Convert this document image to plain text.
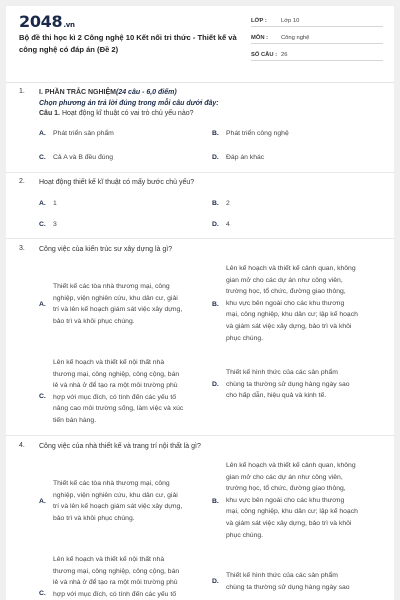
2048.vn
Bộ đề thi học kì 2 Công nghệ 10 Kết nối tri thức - Thiết kế và công nghệ có đáp án (Đề 2)
LỚP :	Lớp 10
MÔN :	Công nghệ
SỐ CÂU : 26
1. I. PHẦN TRẮC NGHIỆM(24 câu - 6,0 điểm)
Chọn phương án trả lời đúng trong mỗi câu dưới đây:
Câu 1. Hoạt động kĩ thuật có vai trò chủ yếu nào?
A. Phát triển sản phẩm	B. Phát triển công nghệ
C. Cả A và B đều đúng	D. Đáp án khác
2. Hoạt động thiết kế kĩ thuật có mấy bước chủ yếu?
A. 1	B. 2
C. 3	D. 4
3. Công việc của kiến trúc sư xây dựng là gì?
A.
Thiết kế các tòa nhà thương mại, công
nghiệp, viện nghiên cứu, khu dân cư, giải
trí và lên kế hoạch giám sát việc xây dựng,
bảo trì và khôi phục chúng.
B.
Lên kế hoạch và thiết kế cảnh quan, không
gian mở cho các dự án như công viên,
trường học, tổ chức, đường giao thông,
khu vực bên ngoài cho các khu thương
mại, công nghiệp, khu dân cư; lập kế hoạch
và giám sát việc xây dựng, bảo trì và khôi
phục chúng.
C.
Lên kế hoạch và thiết kế nội thất nhà
thương mại, công nghiệp, công cộng, bán
lẻ và nhà ở để tạo ra một môi trường phù
hợp với mục đích, có tính đến các yếu tố
nâng cao môi trường sống, làm việc và xúc
tiến bán hàng.
D.
Thiết kế hình thức của các sản phẩm
chùng ta thường sử dụng hàng ngày sao
cho hấp dẫn, hiệu quả và kinh tế.
4. Công việc của nhà thiết kế và trang trí nội thất là gì?
A.
Thiết kế các tòa nhà thương mại, công
nghiệp, viện nghiên cứu, khu dân cư, giải
trí và lên kế hoạch giám sát việc xây dựng,
bảo trì và khôi phục chúng.
B.
Lên kế hoạch và thiết kế cảnh quan, không
gian mở cho các dự án như công viên,
trường học, tổ chức, đường giao thông,
khu vực bên ngoài cho các khu thương
mại, công nghiệp, khu dân cư; lập kế hoạch
và giám sát việc xây dựng, bảo trì và khôi
phục chúng.
C.
Lên kế hoạch và thiết kế nội thất nhà
thương mại, công nghiệp, công cộng, bán
lẻ và nhà ở để tạo ra một môi trường phù
hợp với mục đích, có tính đến các yếu tố
D.
Thiết kế hình thức của các sản phẩm
chùng ta thường sử dụng hàng ngày sao
